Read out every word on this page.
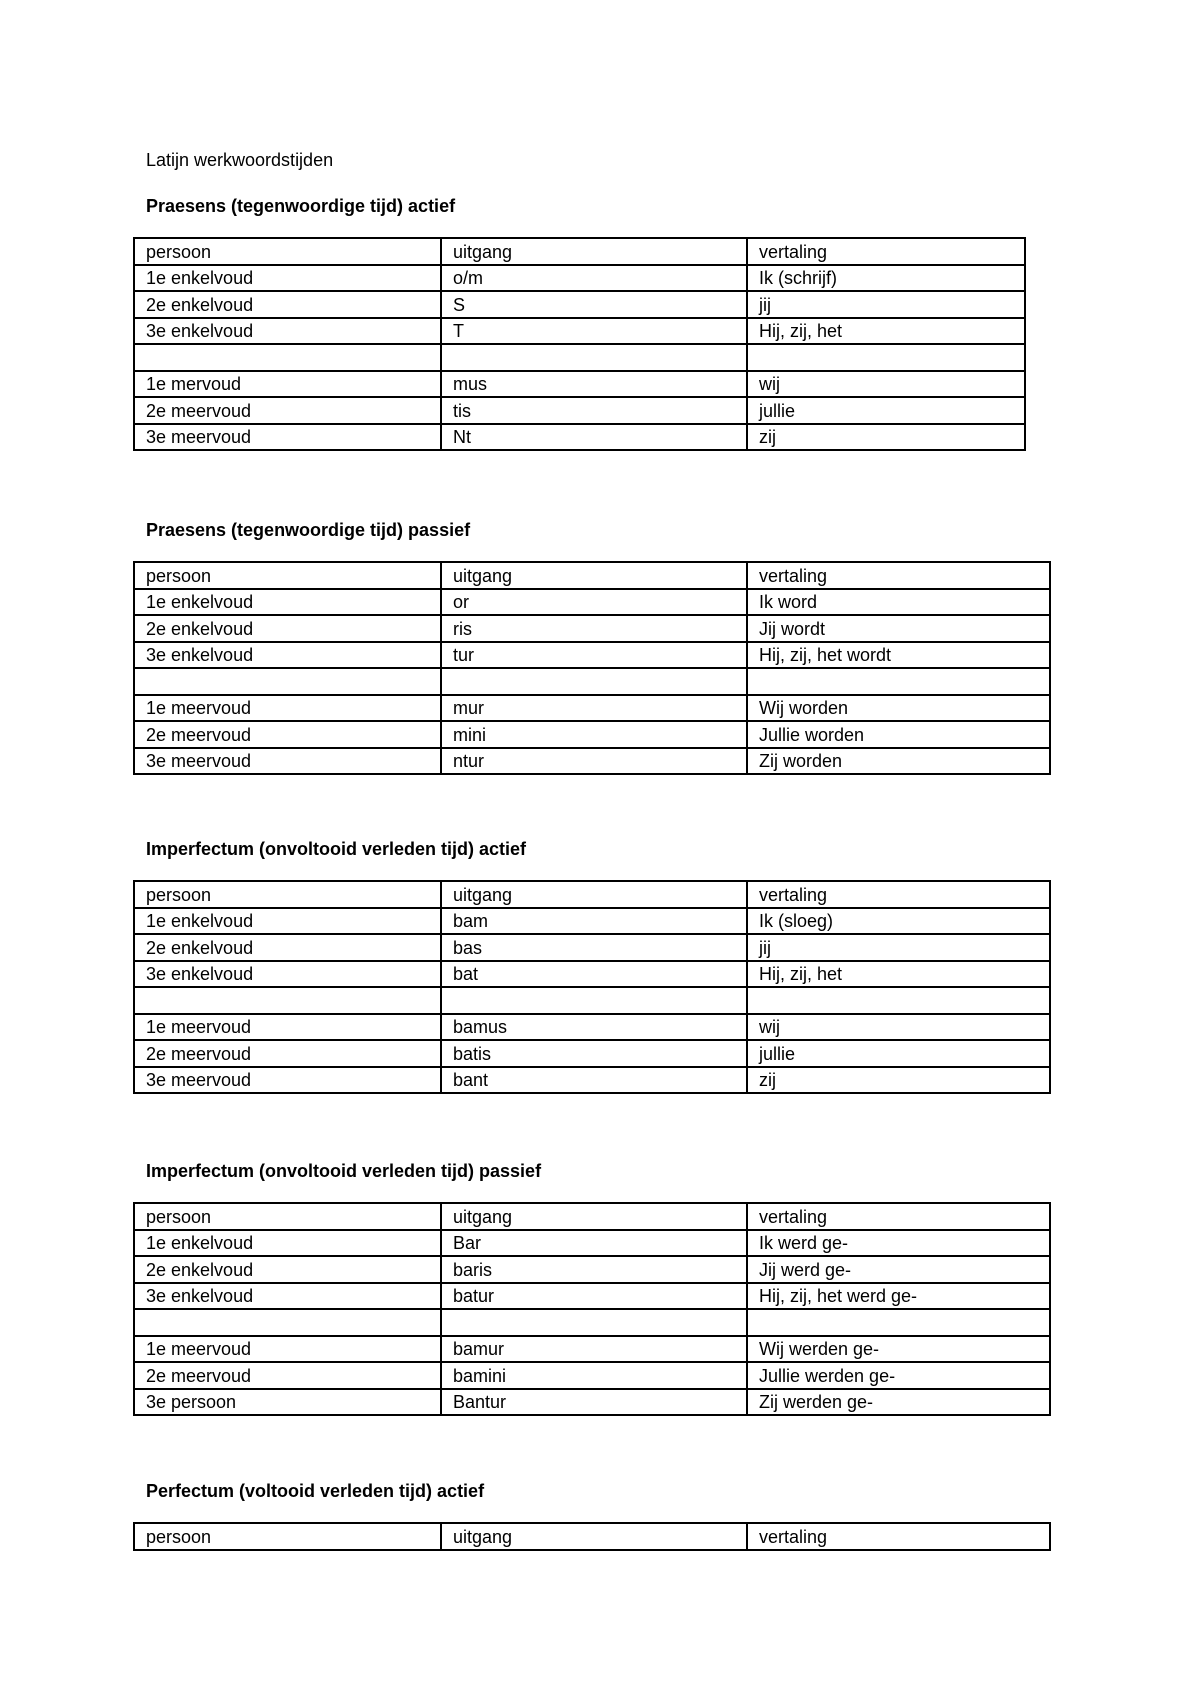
Latijn werkwoordstijden
Praesens (tegenwoordige tijd) actief
persoon	uitgang	vertaling
1e enkelvoud	o/m	Ik (schrijf)
2e enkelvoud	S	jij
3e enkelvoud	T	Hij, zij, het

1e mervoud	mus	wij
2e meervoud	tis	jullie
3e meervoud	Nt	zij
Praesens (tegenwoordige tijd) passief
persoon	uitgang	vertaling
1e enkelvoud	or	Ik word
2e enkelvoud	ris	Jij wordt
3e enkelvoud	tur	Hij, zij, het wordt

1e meervoud	mur	Wij worden
2e meervoud	mini	Jullie worden
3e meervoud	ntur	Zij worden
Imperfectum (onvoltooid verleden tijd) actief
persoon	uitgang	vertaling
1e enkelvoud	bam	Ik (sloeg)
2e enkelvoud	bas	jij
3e enkelvoud	bat	Hij, zij, het

1e meervoud	bamus	wij
2e meervoud	batis	jullie
3e meervoud	bant	zij
Imperfectum (onvoltooid verleden tijd) passief
persoon	uitgang	vertaling
1e enkelvoud	Bar	Ik werd ge-
2e enkelvoud	baris	Jij werd ge-
3e enkelvoud	batur	Hij, zij, het werd ge-

1e meervoud	bamur	Wij werden ge-
2e meervoud	bamini	Jullie werden ge-
3e persoon	Bantur	Zij werden ge-
Perfectum (voltooid verleden tijd) actief
persoon	uitgang	vertaling
